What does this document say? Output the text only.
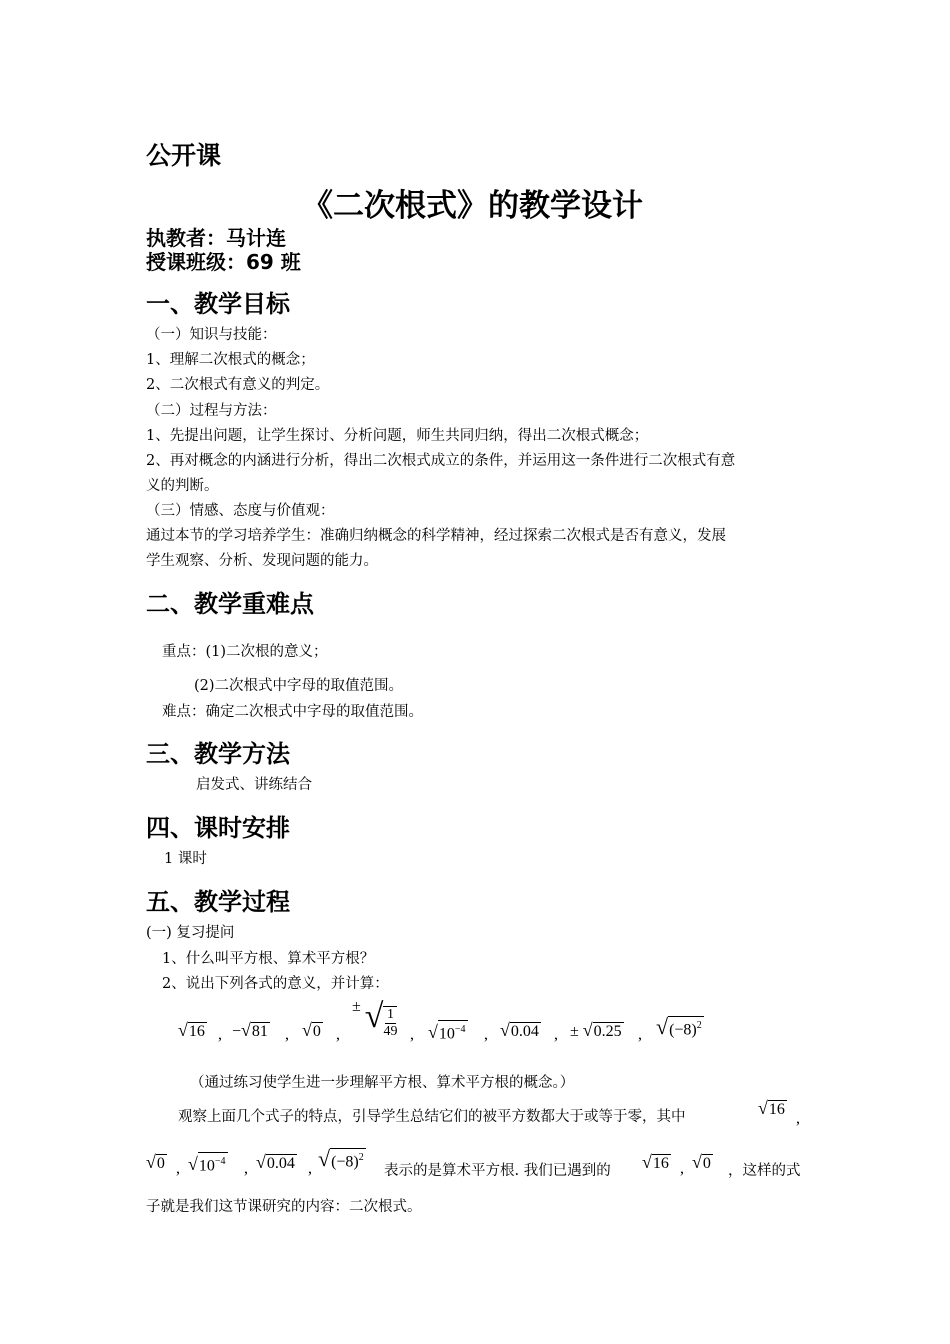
公开课
《二次根式》的教学设计
执教者：马计连
授课班级：69 班
一、教学目标
（一）知识与技能：
1、理解二次根式的概念；
2、二次根式有意义的判定。
（二）过程与方法：
1、先提出问题，让学生探讨、分析问题，师生共同归纳，得出二次根式概念；
2、再对概念的内涵进行分析，得出二次根式成立的条件，并运用这一条件进行二次根式有意
义的判断。
（三）情感、态度与价值观：
通过本节的学习培养学生：准确归纳概念的科学精神，经过探索二次根式是否有意义，发展
学生观察、分析、发现问题的能力。
二、教学重难点
重点：(1)二次根的意义；
(2)二次根式中字母的取值范围。
难点：确定二次根式中字母的取值范围。
三、教学方法
启发式、讲练结合
四、课时安排
1 课时
五、教学过程
(一) 复习提问
1、什么叫平方根、算术平方根？
2、说出下列各式的意义，并计算：
√16 , −√81 , √0 ,
± √ $\frac{1}{49}$ , $√10^{-4}$ , √0.04 , ± √0.25 , $√(-8)^2$
（通过练习使学生进一步理解平方根、算术平方根的概念。）
观察上面几个式子的特点，引导学生总结它们的被平方数都大于或等于零，其中	√16
,
√0 , $√10^{-4}$ , √0.04 , $√(-8)^2$
表示的是算术平方根. 我们已遇到的 √16 , √0 ，这样的式
子就是我们这节课研究的内容：二次根式。
